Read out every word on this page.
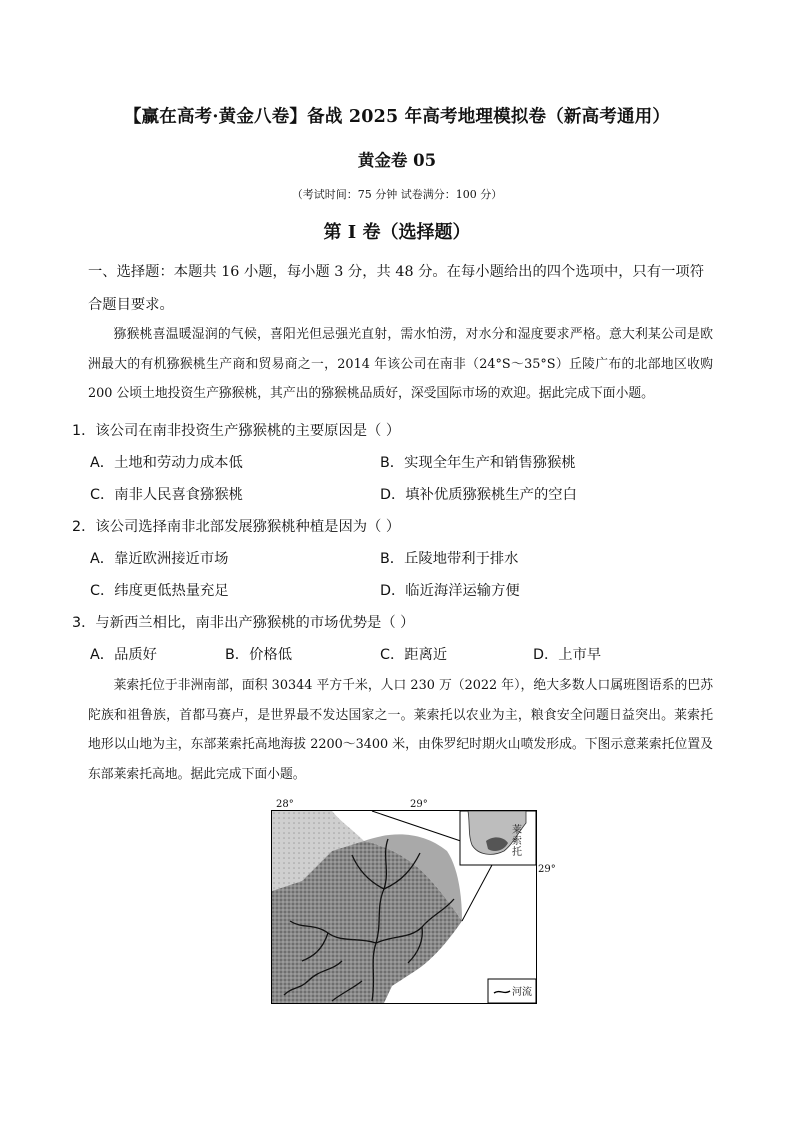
【赢在高考·黄金八卷】备战 2025 年高考地理模拟卷（新高考通用）
黄金卷 05
（考试时间：75 分钟 试卷满分：100 分）
第 I 卷（选择题）
一、选择题：本题共 16 小题，每小题 3 分，共 48 分。在每小题给出的四个选项中，只有一项符
合题目要求。
猕猴桃喜温暖湿润的气候，喜阳光但忌强光直射，需水怕涝，对水分和湿度要求严格。意大利某公司是欧洲最大的有机猕猴桃生产商和贸易商之一，2014 年该公司在南非（24°S～35°S）丘陵广布的北部地区收购 200 公顷土地投资生产猕猴桃，其产出的猕猴桃品质好，深受国际市场的欢迎。据此完成下面小题。
1．该公司在南非投资生产猕猴桃的主要原因是（ ）
A．土地和劳动力成本低	B．实现全年生产和销售猕猴桃
C．南非人民喜食猕猴桃	D．填补优质猕猴桃生产的空白
2．该公司选择南非北部发展猕猴桃种植是因为（ ）
A．靠近欧洲接近市场	B．丘陵地带利于排水
C．纬度更低热量充足	D．临近海洋运输方便
3．与新西兰相比，南非出产猕猴桃的市场优势是（ ）
A．品质好	B．价格低	C．距离近	D．上市早
莱索托位于非洲南部，面积 30344 平方千米，人口 230 万（2022 年），绝大多数人口属班图语系的巴苏陀族和祖鲁族，首都马赛卢，是世界最不发达国家之一。莱索托以农业为主，粮食安全问题日益突出。莱索托地形以山地为主，东部莱索托高地海拔 2200～3400 米，由侏罗纪时期火山喷发形成。下图示意莱索托位置及东部莱索托高地。据此完成下面小题。
28°	29°
29°
莱索托
河流
